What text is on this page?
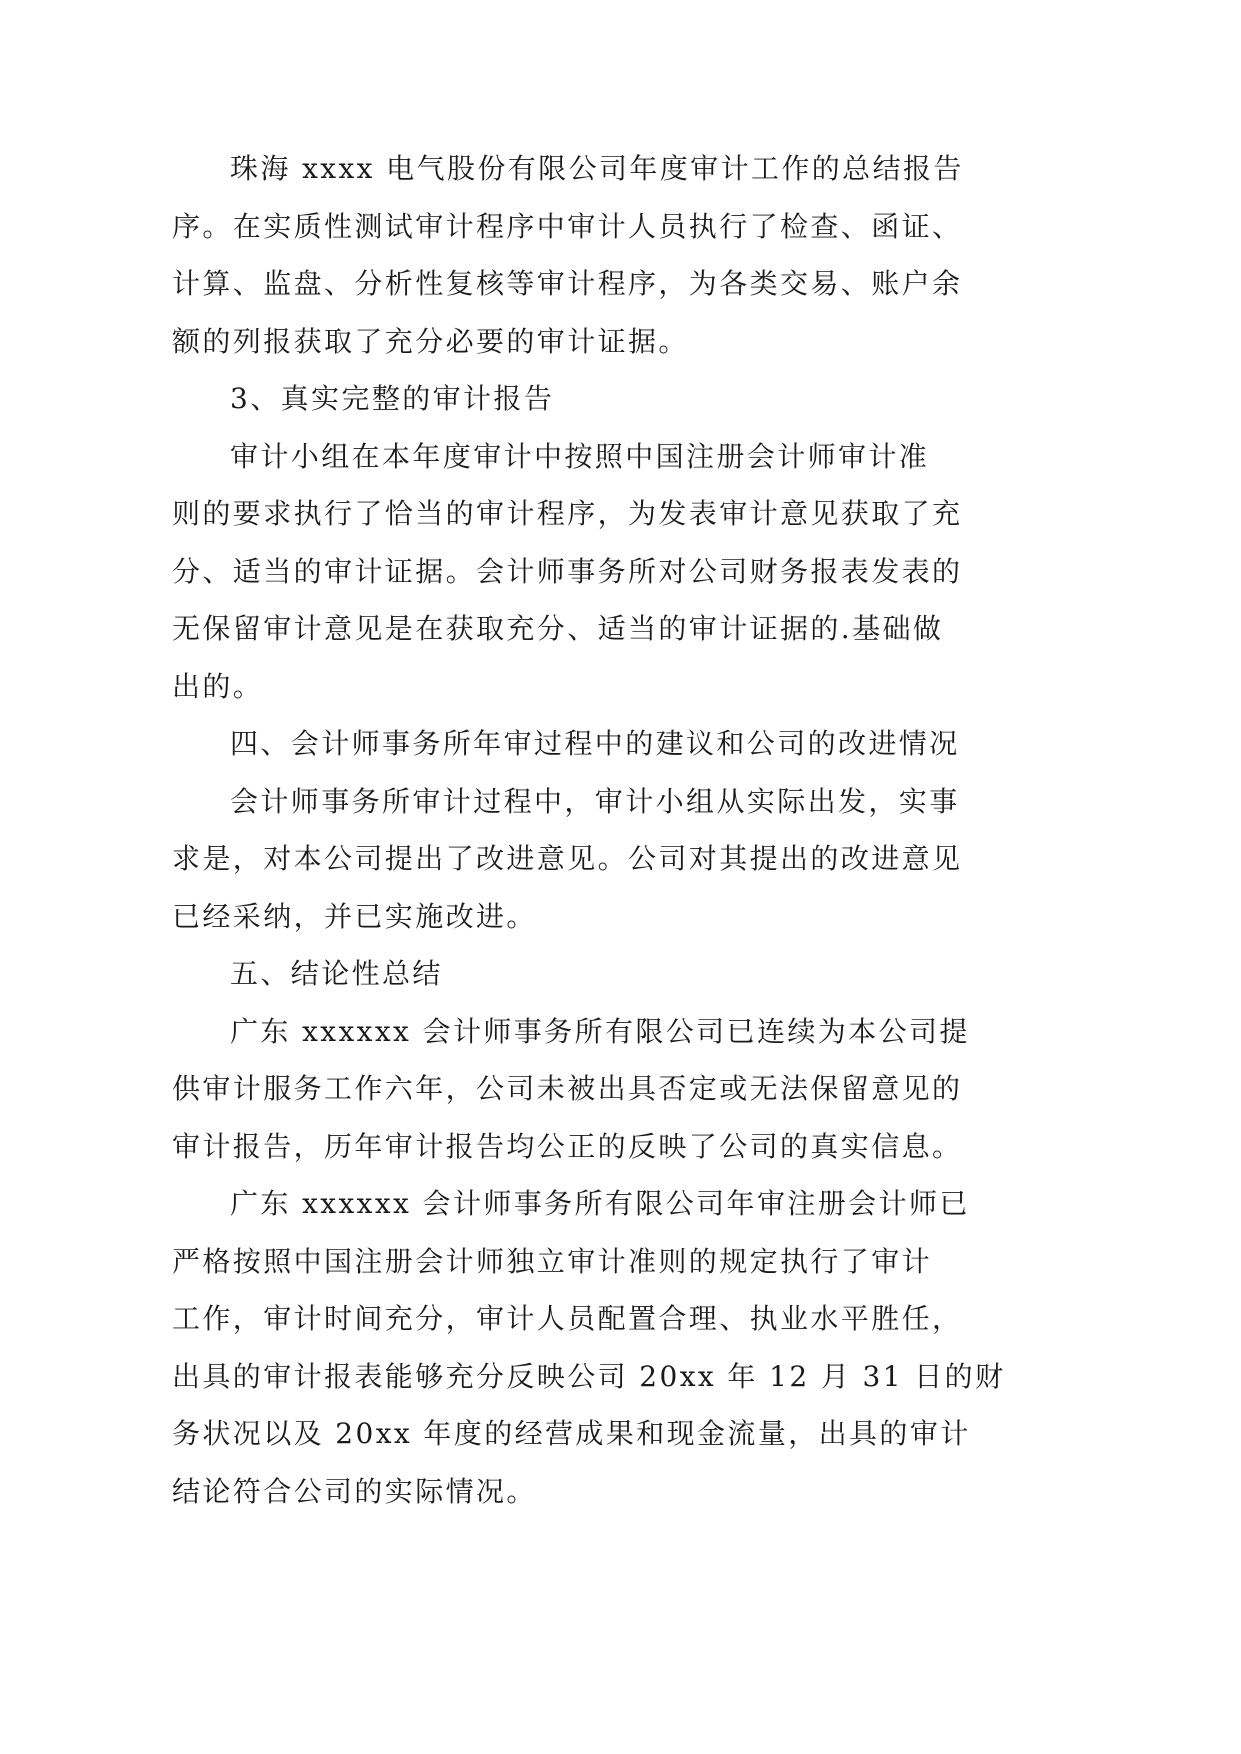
珠海 xxxx 电气股份有限公司年度审计工作的总结报告
序。在实质性测试审计程序中审计人员执行了检查、函证、
计算、监盘、分析性复核等审计程序，为各类交易、账户余
额的列报获取了充分必要的审计证据。
3、真实完整的审计报告
审计小组在本年度审计中按照中国注册会计师审计准
则的要求执行了恰当的审计程序，为发表审计意见获取了充
分、适当的审计证据。会计师事务所对公司财务报表发表的
无保留审计意见是在获取充分、适当的审计证据的.基础做
出的。
四、会计师事务所年审过程中的建议和公司的改进情况
会计师事务所审计过程中，审计小组从实际出发，实事
求是，对本公司提出了改进意见。公司对其提出的改进意见
已经采纳，并已实施改进。
五、结论性总结
广东 xxxxxx 会计师事务所有限公司已连续为本公司提
供审计服务工作六年，公司未被出具否定或无法保留意见的
审计报告，历年审计报告均公正的反映了公司的真实信息。
广东 xxxxxx 会计师事务所有限公司年审注册会计师已
严格按照中国注册会计师独立审计准则的规定执行了审计
工作，审计时间充分，审计人员配置合理、执业水平胜任，
出具的审计报表能够充分反映公司 20xx 年 12 月 31 日的财
务状况以及 20xx 年度的经营成果和现金流量，出具的审计
结论符合公司的实际情况。
